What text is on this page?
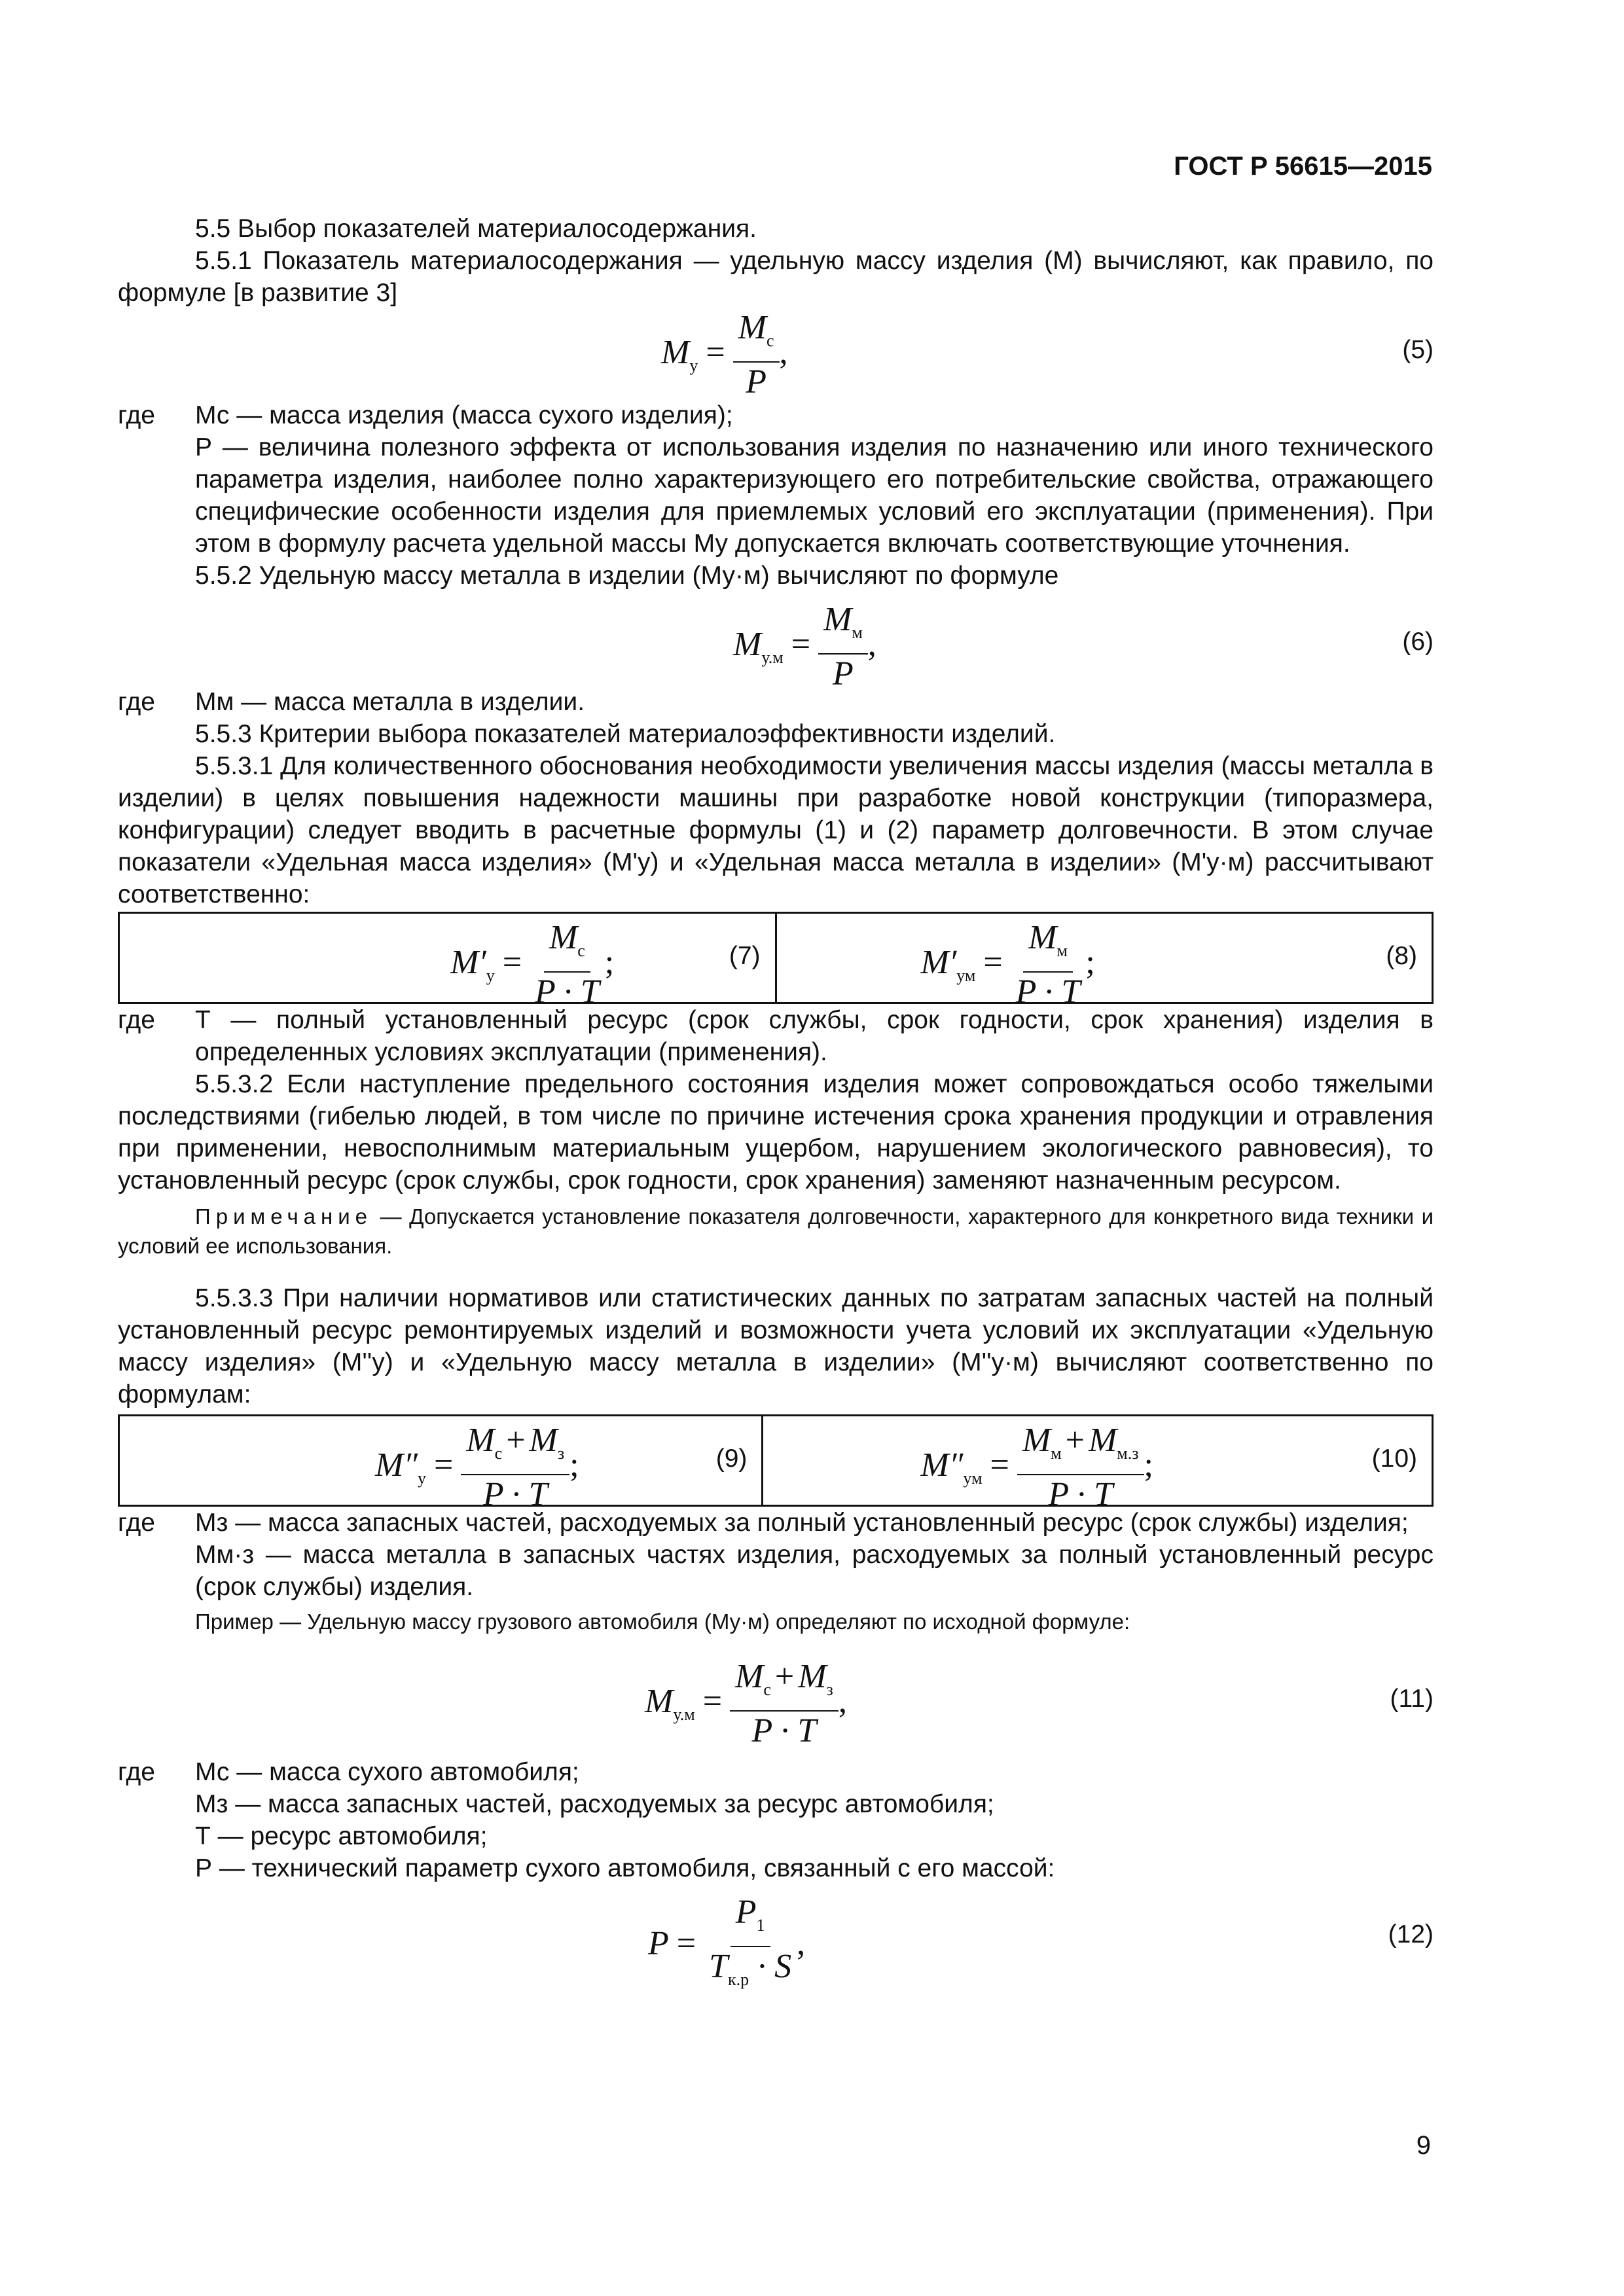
ГОСТ Р 56615—2015

5.5 Выбор показателей материалосодержания.

5.5.1 Показатель материалосодержания — удельную массу изделия (М) вычисляют, как правило, по формуле [в развитие 3]

$M_у = \frac{M_с}{P}$ ,	(5)
где	Мс — масса изделия (масса сухого изделия);

Р — величина полезного эффекта от использования изделия по назначению или иного технического параметра изделия, наиболее полно характеризующего его потребительские свойства, отражающего специфические особенности изделия для приемлемых условий его эксплуатации (применения). При этом в формулу расчета удельной массы Му допускается включать соответствующие уточнения.

5.5.2 Удельную массу металла в изделии (Му·м) вычисляют по формуле

$M_{у.м} = \frac{M_м}{P}$ ,	(6)
где	Мм — масса металла в изделии.

5.5.3 Критерии выбора показателей материалоэффективности изделий.

5.5.3.1 Для количественного обоснования необходимости увеличения массы изделия (массы металла в изделии) в целях повышения надежности машины при разработке новой конструкции (типоразмера, конфигурации) следует вводить в расчетные формулы (1) и (2) параметр долговечности. В этом случае показатели «Удельная масса изделия» (М'у) и «Удельная масса металла в изделии» (М'у·м) рассчитывают соответственно:

$M'_у = \frac{M_с}{P \cdot T}$ ;	(7)	$M'_{ум} = \frac{M_м}{P \cdot T}$ ;	(8)
где	Т — полный установленный ресурс (срок службы, срок годности, срок хранения) изделия в определенных условиях эксплуатации (применения).

5.5.3.2 Если наступление предельного состояния изделия может сопровождаться особо тяжелыми последствиями (гибелью людей, в том числе по причине истечения срока хранения продукции и отравления при применении, невосполнимым материальным ущербом, нарушением экологического равновесия), то установленный ресурс (срок службы, срок годности, срок хранения) заменяют назначенным ресурсом.

Примечание — Допускается установление показателя долговечности, характерного для конкретного вида техники и условий ее использования.

5.5.3.3 При наличии нормативов или статистических данных по затратам запасных частей на полный установленный ресурс ремонтируемых изделий и возможности учета условий их эксплуатации «Удельную массу изделия» (М''у) и «Удельную массу металла в изделии» (М''у·м) вычисляют соответственно по формулам:

$M''_у = \frac{M_с + M_з}{P \cdot T}$ ;	(9)	$M''_{ум} = \frac{M_м + M_{м.з}}{P \cdot T}$ ;	(10)
где	Мз — масса запасных частей, расходуемых за полный установленный ресурс (срок службы) изделия;

Мм·з — масса металла в запасных частях изделия, расходуемых за полный установленный ресурс (срок службы) изделия.

Пример — Удельную массу грузового автомобиля (Му·м) определяют по исходной формуле:

$M_{у.м} = \frac{M_с + M_з}{P \cdot T}$ ,	(11)
где	Мс — масса сухого автомобиля;

Мз — масса запасных частей, расходуемых за ресурс автомобиля;

Т — ресурс автомобиля;

Р — технический параметр сухого автомобиля, связанный с его массой:

$P = \frac{P_1}{T_{к.р} \cdot S}$ ,	(12)
9
